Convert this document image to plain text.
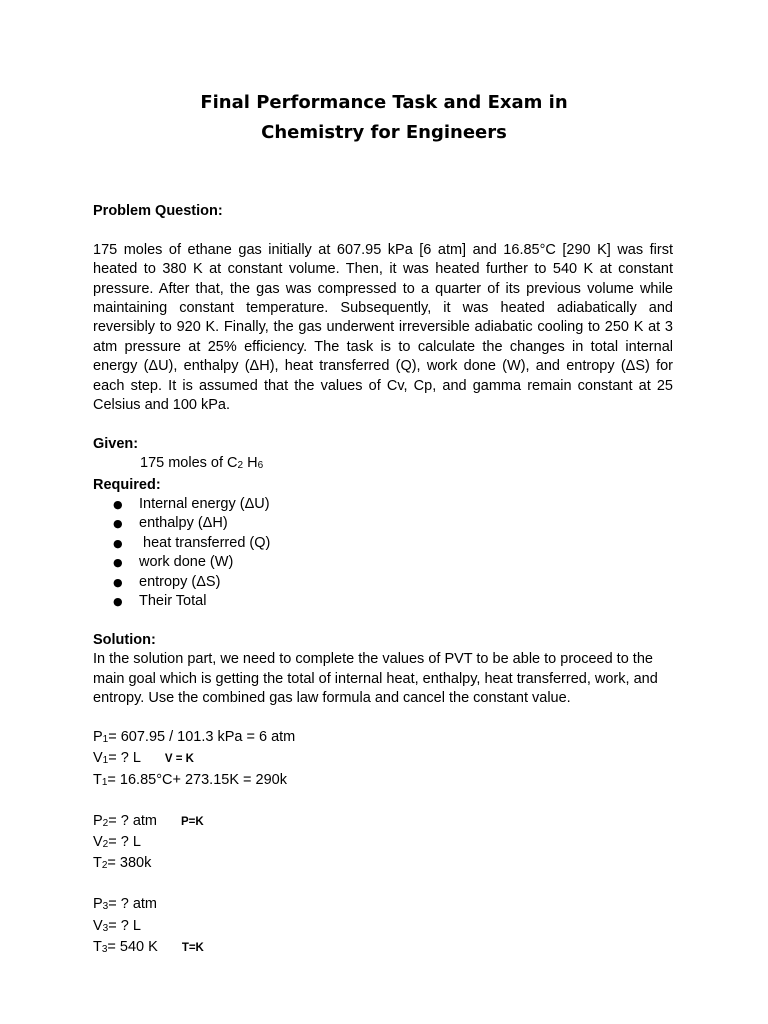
Final Performance Task and Exam in
Chemistry for Engineers

Problem Question:

175 moles of ethane gas initially at 607.95 kPa [6 atm] and 16.85°C [290 K] was first heated to 380 K at constant volume. Then, it was heated further to 540 K at constant pressure. After that, the gas was compressed to a quarter of its previous volume while maintaining constant temperature. Subsequently, it was heated adiabatically and reversibly to 920 K. Finally, the gas underwent irreversible adiabatic cooling to 250 K at 3 atm pressure at 25% efficiency. The task is to calculate the changes in total internal energy (ΔU), enthalpy (ΔH), heat transferred (Q), work done (W), and entropy (ΔS) for each step. It is assumed that the values of Cv, Cp, and gamma remain constant at 25 Celsius and 100 kPa.

Given:

175 moles of C2 H6

Required:

● Internal energy (ΔU)
● enthalpy (ΔH)
●  heat transferred (Q)
● work done (W)
● entropy (ΔS)
● Their Total

Solution:

In the solution part, we need to complete the values of PVT to be able to proceed to the main goal which is getting the total of internal heat, enthalpy, heat transferred, work, and entropy. Use the combined gas law formula and cancel the constant value.

P1= 607.95 / 101.3 kPa = 6 atm

V1= ? L V = K

T1= 16.85°C+ 273.15K = 290k

P2= ? atm P=K

V2= ? L

T2= 380k

P3= ? atm

V3= ? L

T3= 540 K T=K
